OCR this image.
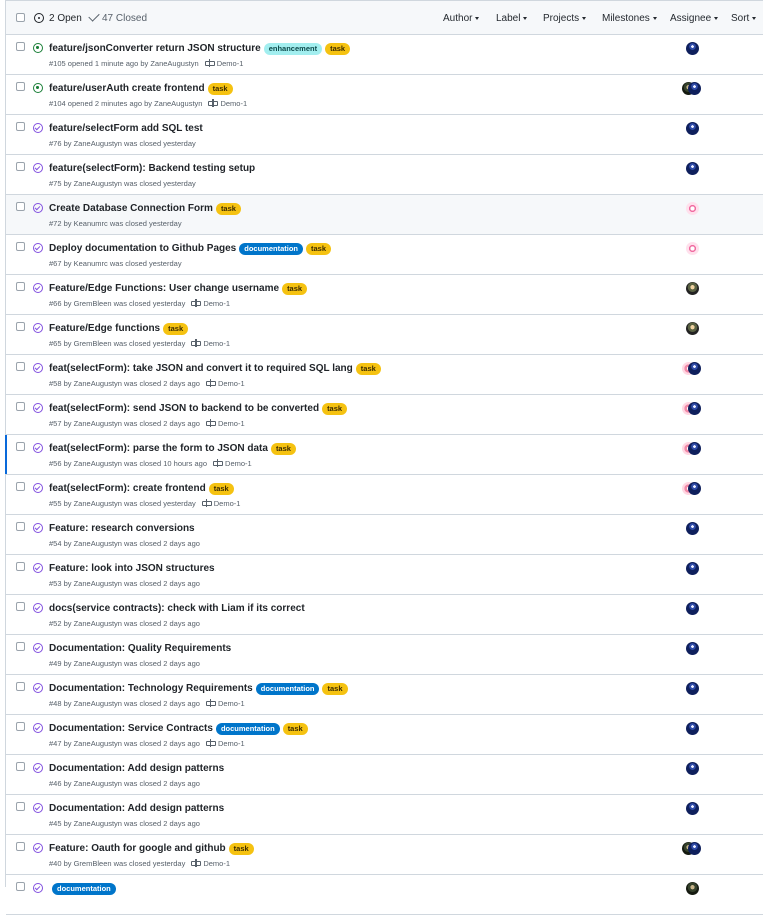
2 Open 47 Closed	Author Label Projects Milestones Assignee Sort
feature/jsonConverter return JSON structure	enhancement	task
#105 opened 1 minute ago by ZaneAugustyn Demo-1
feature/userAuth create frontend	task
#104 opened 2 minutes ago by ZaneAugustyn Demo-1
feature/selectForm add SQL test
#76 by ZaneAugustyn was closed yesterday
feature(selectForm): Backend testing setup
#75 by ZaneAugustyn was closed yesterday
Create Database Connection Form	task
#72 by Keanumrc was closed yesterday
Deploy documentation to Github Pages	documentation	task
#67 by Keanumrc was closed yesterday
Feature/Edge Functions: User change username	task
#66 by GremBleen was closed yesterday Demo-1
Feature/Edge functions	task
#65 by GremBleen was closed yesterday Demo-1
feat(selectForm): take JSON and convert it to required SQL lang	task
#58 by ZaneAugustyn was closed 2 days ago Demo-1
feat(selectForm): send JSON to backend to be converted	task
#57 by ZaneAugustyn was closed 2 days ago Demo-1
feat(selectForm): parse the form to JSON data	task
#56 by ZaneAugustyn was closed 10 hours ago Demo-1
feat(selectForm): create frontend	task
#55 by ZaneAugustyn was closed yesterday Demo-1
Feature: research conversions
#54 by ZaneAugustyn was closed 2 days ago
Feature: look into JSON structures
#53 by ZaneAugustyn was closed 2 days ago
docs(service contracts): check with Liam if its correct
#52 by ZaneAugustyn was closed 2 days ago
Documentation: Quality Requirements
#49 by ZaneAugustyn was closed 2 days ago
Documentation: Technology Requirements	documentation	task
#48 by ZaneAugustyn was closed 2 days ago Demo-1
Documentation: Service Contracts	documentation	task
#47 by ZaneAugustyn was closed 2 days ago Demo-1
Documentation: Add design patterns
#46 by ZaneAugustyn was closed 2 days ago
Documentation: Add design patterns
#45 by ZaneAugustyn was closed 2 days ago
Feature: Oauth for google and github	task
#40 by GremBleen was closed yesterday Demo-1
documentation
